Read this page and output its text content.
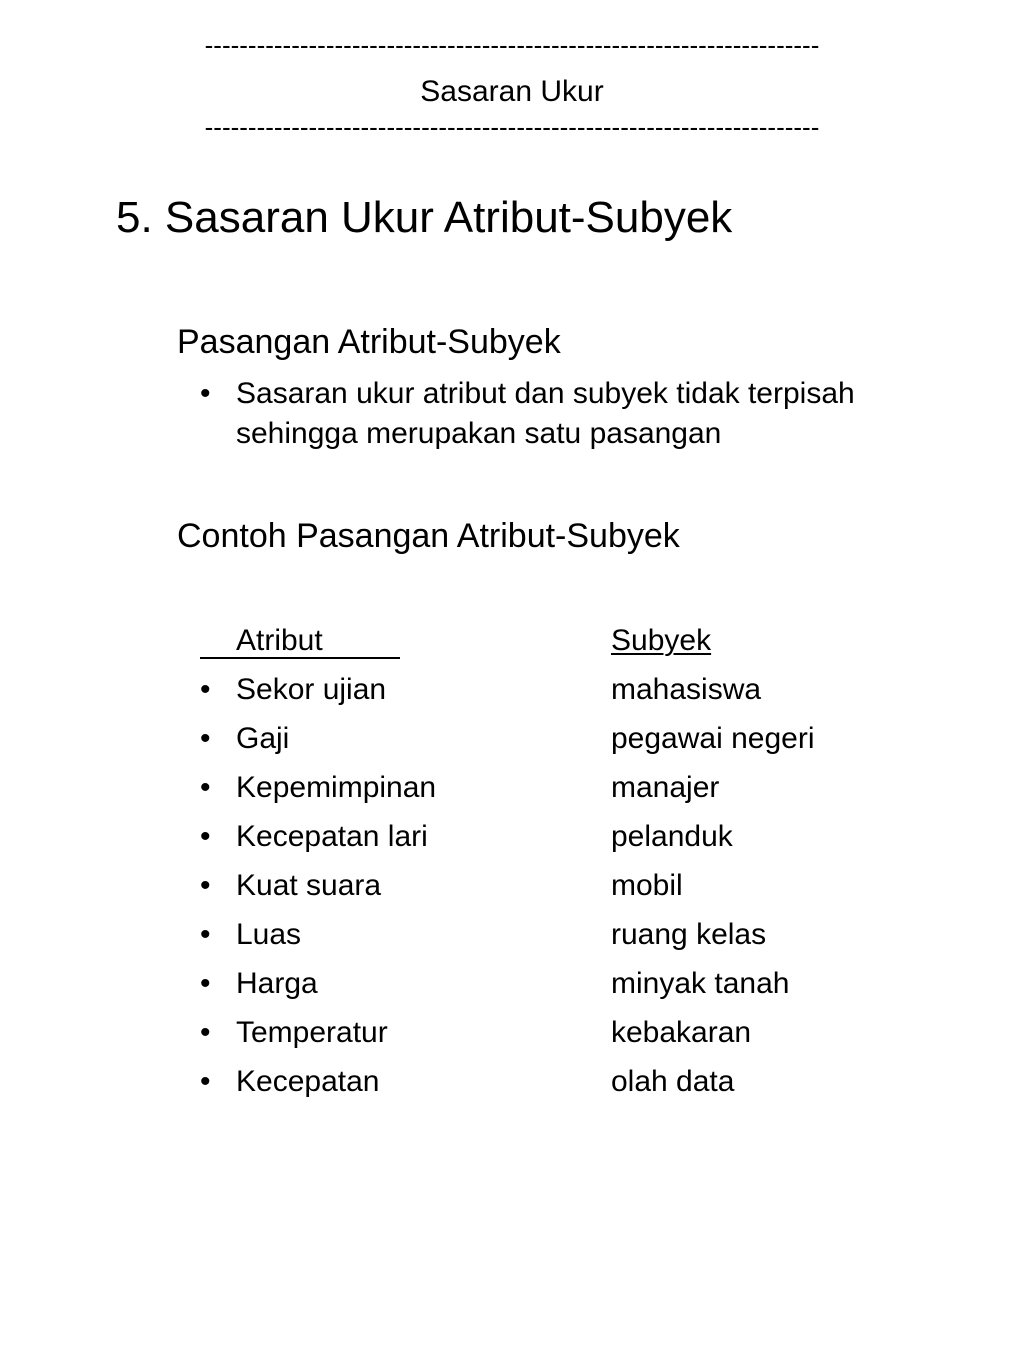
-----------------------------------------------------------------------
Sasaran Ukur
-----------------------------------------------------------------------
5. Sasaran Ukur Atribut-Subyek
Pasangan Atribut-Subyek
• Sasaran ukur atribut dan subyek tidak terpisah
sehingga merupakan satu pasangan
Contoh Pasangan Atribut-Subyek
Atribut	Subyek
• Sekor ujian	mahasiswa
• Gaji	pegawai negeri
• Kepemimpinan	manajer
• Kecepatan lari	pelanduk
• Kuat suara	mobil
• Luas	ruang kelas
• Harga	minyak tanah
• Temperatur	kebakaran
• Kecepatan	olah data
